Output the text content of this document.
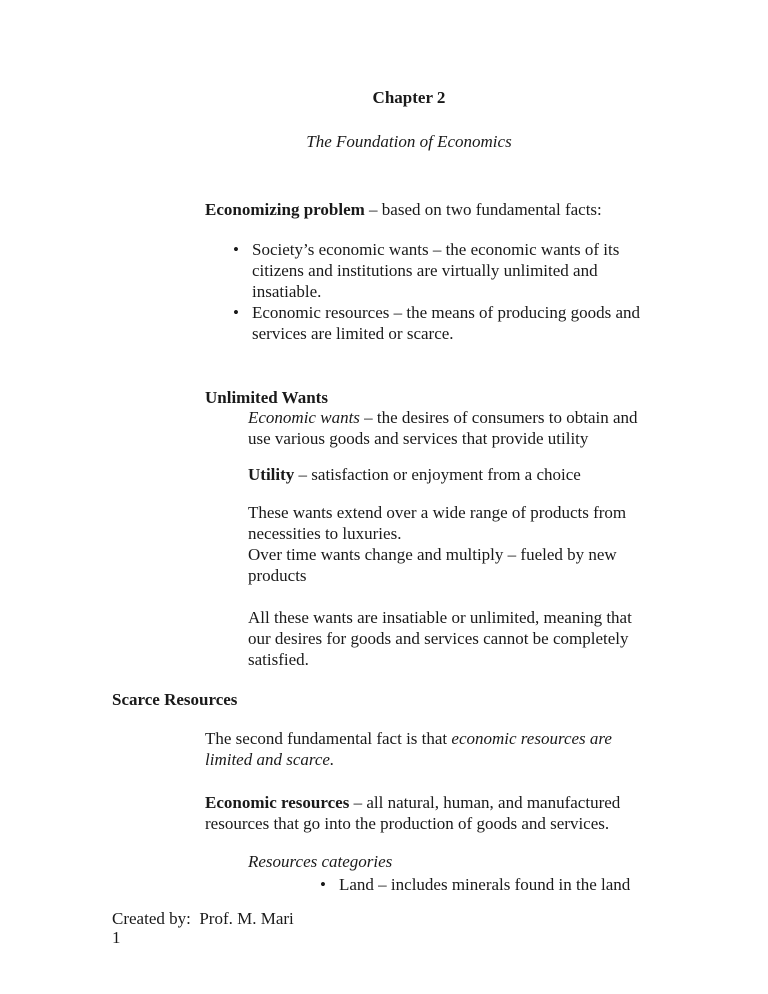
Chapter 2
The Foundation of Economics
Economizing problem – based on two fundamental facts:
• Society’s economic wants – the economic wants of its
citizens and institutions are virtually unlimited and
insatiable.
• Economic resources – the means of producing goods and
services are limited or scarce.
Unlimited Wants
Economic wants – the desires of consumers to obtain and
use various goods and services that provide utility
Utility – satisfaction or enjoyment from a choice
These wants extend over a wide range of products from
necessities to luxuries.
Over time wants change and multiply – fueled by new
products
All these wants are insatiable or unlimited, meaning that
our desires for goods and services cannot be completely
satisfied.
Scarce Resources
The second fundamental fact is that economic resources are
limited and scarce.
Economic resources – all natural, human, and manufactured
resources that go into the production of goods and services.
Resources categories
• Land – includes minerals found in the land
Created by:  Prof. M. Mari
1
